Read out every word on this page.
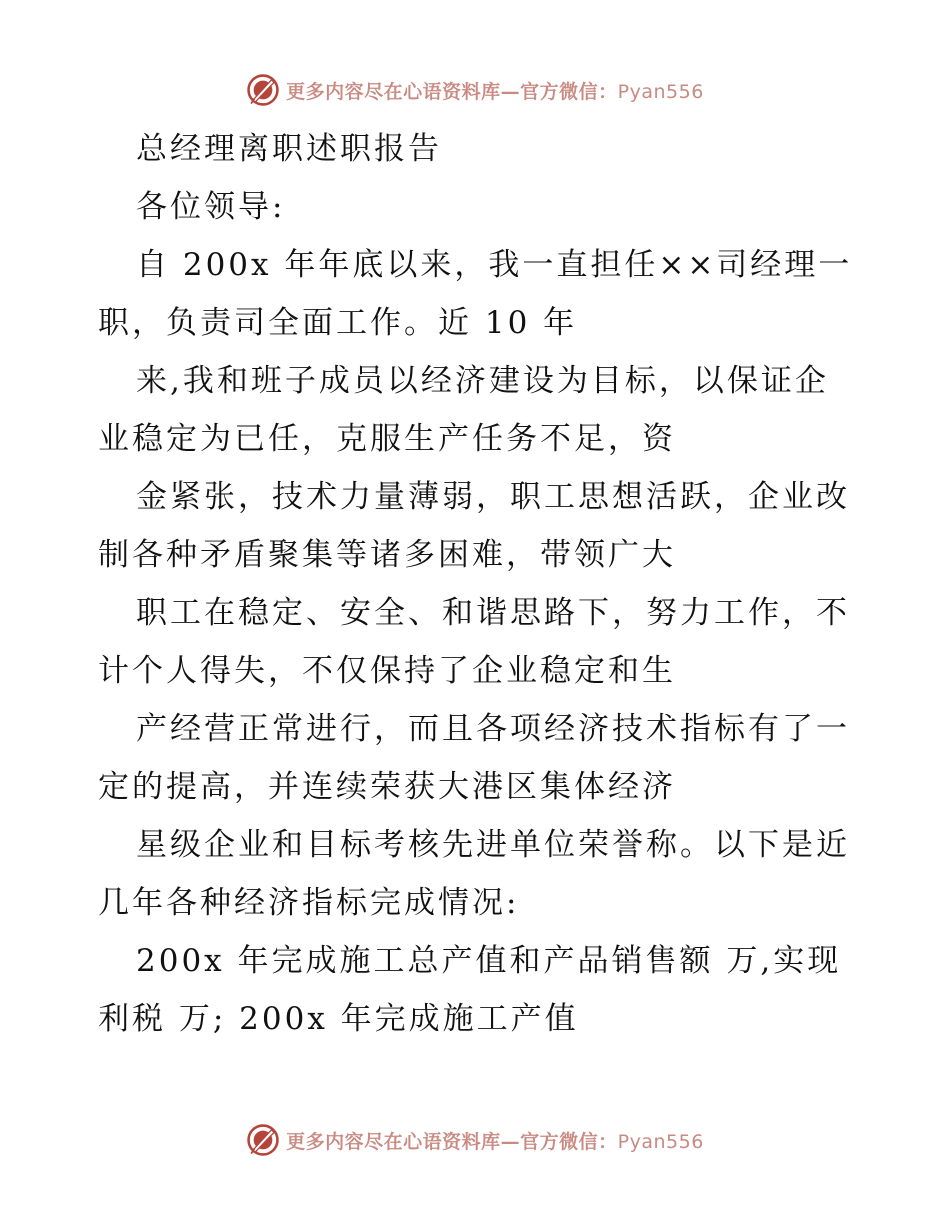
更多内容尽在心语资料库—官方微信：Pyan556
总经理离职述职报告
各位领导:
自 200x 年年底以来，我一直担任××司经理一
职，负责司全面工作。近 10 年
来,我和班子成员以经济建设为目标，以保证企
业稳定为已任，克服生产任务不足，资
金紧张，技术力量薄弱，职工思想活跃，企业改
制各种矛盾聚集等诸多困难，带领广大
职工在稳定、安全、和谐思路下，努力工作，不
计个人得失，不仅保持了企业稳定和生
产经营正常进行，而且各项经济技术指标有了一
定的提高，并连续荣获大港区集体经济
星级企业和目标考核先进单位荣誉称。以下是近
几年各种经济指标完成情况:
200x 年完成施工总产值和产品销售额 万,实现
利税 万; 200x 年完成施工产值
更多内容尽在心语资料库—官方微信：Pyan556
